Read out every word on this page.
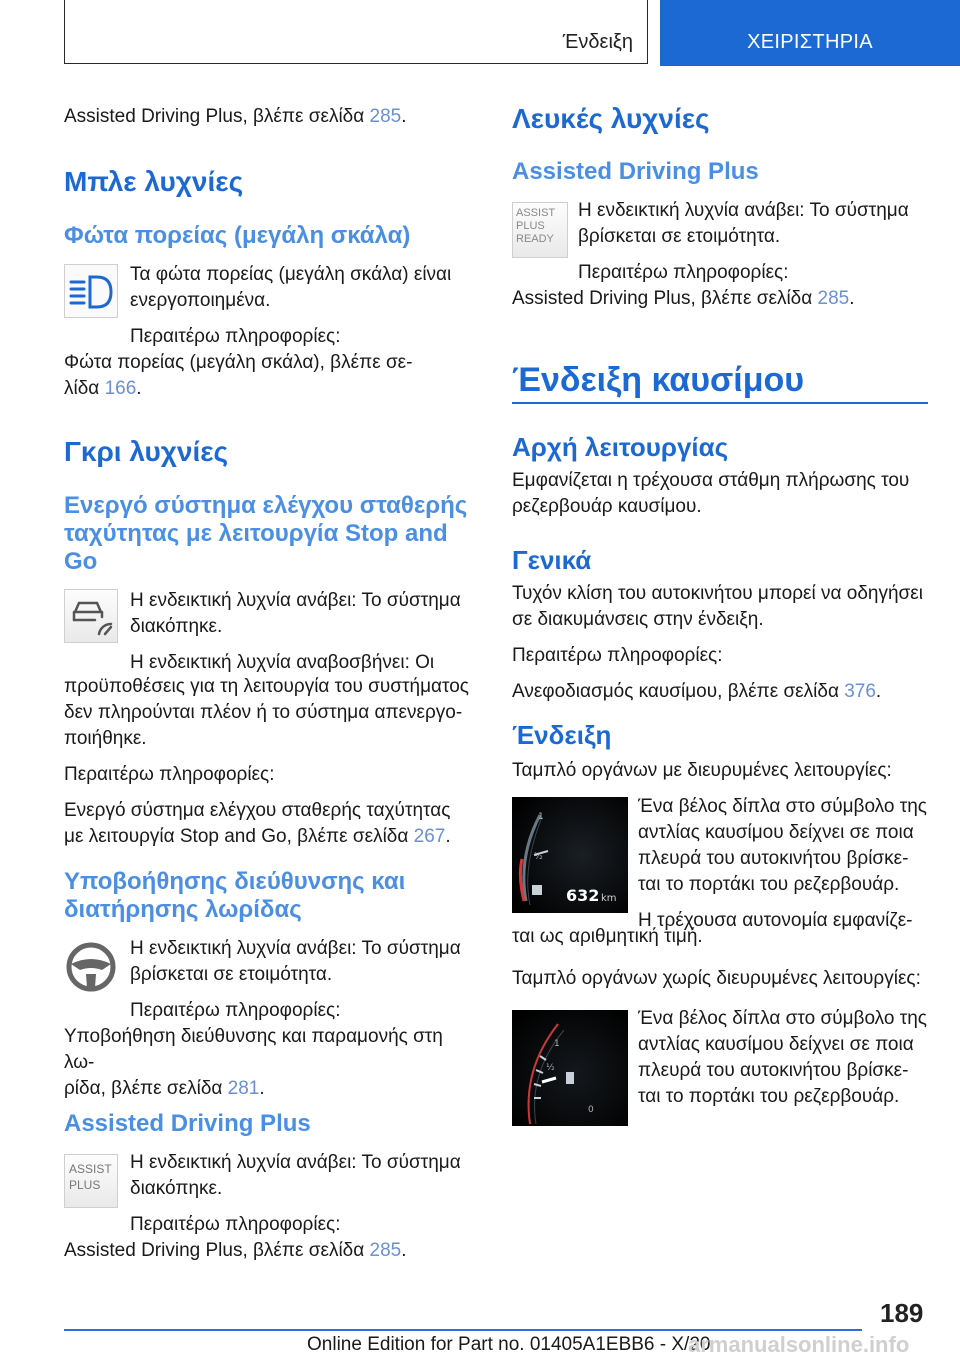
Ένδειξη	ΧΕΙΡΙΣΤΗΡΙΑ

Assisted Driving Plus, βλέπε σελίδα 285.

Μπλε λυχνίες

Φώτα πορείας (μεγάλη σκάλα)

Τα φώτα πορείας (μεγάλη σκάλα) είναι

ενεργοποιημένα.

Περαιτέρω πληροφορίες:

Φώτα πορείας (μεγάλη σκάλα), βλέπε σε-

λίδα 166.

Γκρι λυχνίες

Ενεργό σύστημα ελέγχου σταθερής

ταχύτητας με λειτουργία Stop and

Go

Η ενδεικτική λυχνία ανάβει: Το σύστημα

διακόπηκε.

Η ενδεικτική λυχνία αναβοσβήνει: Οι

προϋποθέσεις για τη λειτουργία του συστήματος

δεν πληρούνται πλέον ή το σύστημα απενεργο-

ποιήθηκε.

Περαιτέρω πληροφορίες:

Ενεργό σύστημα ελέγχου σταθερής ταχύτητας

με λειτουργία Stop and Go, βλέπε σελίδα 267.

Υποβοήθησης διεύθυνσης και

διατήρησης λωρίδας

Η ενδεικτική λυχνία ανάβει: Το σύστημα

βρίσκεται σε ετοιμότητα.

Περαιτέρω πληροφορίες:

Υποβοήθηση διεύθυνσης και παραμονής στη λω-

ρίδα, βλέπε σελίδα 281.

Assisted Driving Plus

ASSIST
PLUS

Η ενδεικτική λυχνία ανάβει: Το σύστημα

διακόπηκε.

Περαιτέρω πληροφορίες:

Assisted Driving Plus, βλέπε σελίδα 285.

Λευκές λυχνίες

Assisted Driving Plus

ASSIST
PLUS
READY

Η ενδεικτική λυχνία ανάβει: Το σύστημα

βρίσκεται σε ετοιμότητα.

Περαιτέρω πληροφορίες:

Assisted Driving Plus, βλέπε σελίδα 285.

Ένδειξη καυσίμου

Αρχή λειτουργίας

Εμφανίζεται η τρέχουσα στάθμη πλήρωσης του

ρεζερβουάρ καυσίμου.

Γενικά

Τυχόν κλίση του αυτοκινήτου μπορεί να οδηγήσει

σε διακυμάνσεις στην ένδειξη.

Περαιτέρω πληροφορίες:

Ανεφοδιασμός καυσίμου, βλέπε σελίδα 376.

Ένδειξη

Ταμπλό οργάνων με διευρυμένες λειτουργίες:

632 km
½
1	Ένα βέλος δίπλα στο σύμβολο της

αντλίας καυσίμου δείχνει σε ποια

πλευρά του αυτοκινήτου βρίσκε-

ται το πορτάκι του ρεζερβουάρ.

Η τρέχουσα αυτονομία εμφανίζε-

ται ως αριθμητική τιμή.

Ταμπλό οργάνων χωρίς διευρυμένες λειτουργίες:

1
½
0

Ένα βέλος δίπλα στο σύμβολο της

αντλίας καυσίμου δείχνει σε ποια

πλευρά του αυτοκινήτου βρίσκε-

ται το πορτάκι του ρεζερβουάρ.

189
Online Edition for Part no. 01405A1EBB6 - X/20
armanualsonline.info
